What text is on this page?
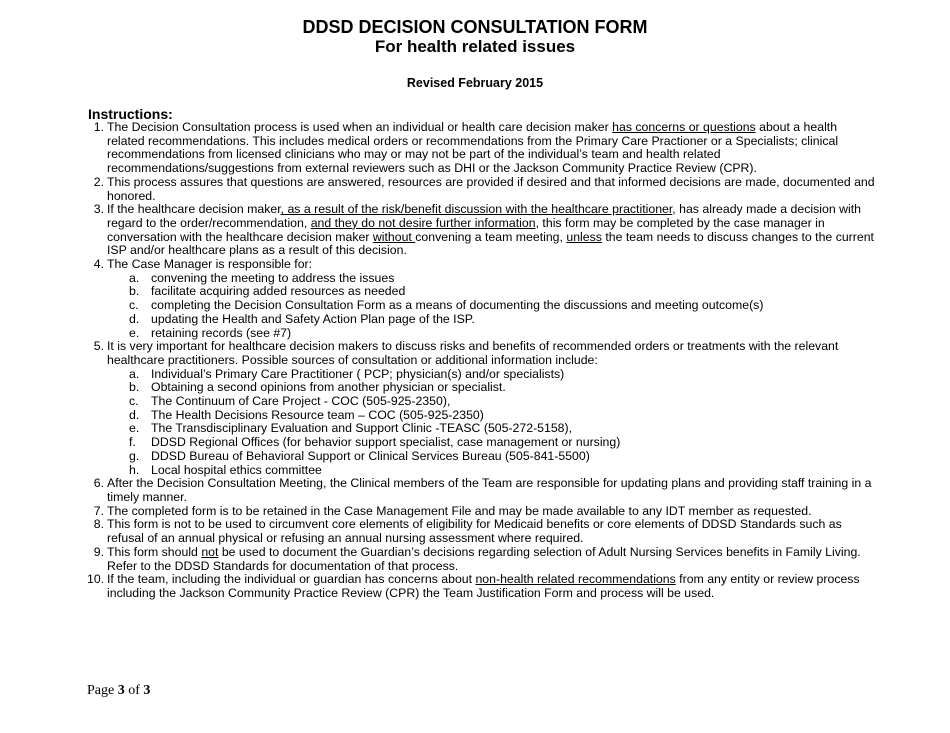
DDSD DECISION CONSULTATION FORM
For health related issues
Revised February 2015
Instructions:
1. The Decision Consultation process is used when an individual or health care decision maker has concerns or questions about a health related recommendations. This includes medical orders or recommendations from the Primary Care Practioner or a Specialists; clinical recommendations from licensed clinicians who may or may not be part of the individual’s team and health related recommendations/suggestions from external reviewers such as DHI or the Jackson Community Practice Review (CPR).
2. This process assures that questions are answered, resources are provided if desired and that informed decisions are made, documented and honored.
3. If the healthcare decision maker, as a result of the risk/benefit discussion with the healthcare practitioner, has already made a decision with regard to the order/recommendation, and they do not desire further information, this form may be completed by the case manager in conversation with the healthcare decision maker without convening a team meeting, unless the team needs to discuss changes to the current ISP and/or healthcare plans as a result of this decision.
4. The Case Manager is responsible for:
a. convening the meeting to address the issues
b. facilitate acquiring added resources as needed
c. completing the Decision Consultation Form as a means of documenting the discussions and meeting outcome(s)
d. updating the Health and Safety Action Plan page of the ISP.
e. retaining records (see #7)
5. It is very important for healthcare decision makers to discuss risks and benefits of recommended orders or treatments with the relevant healthcare practitioners. Possible sources of consultation or additional information include:
a. Individual’s Primary Care Practitioner ( PCP; physician(s) and/or specialists)
b. Obtaining a second opinions from another physician or specialist.
c. The Continuum of Care Project - COC (505-925-2350),
d. The Health Decisions Resource team – COC (505-925-2350)
e. The Transdisciplinary Evaluation and Support Clinic -TEASC (505-272-5158),
f. DDSD Regional Offices (for behavior support specialist, case management or nursing)
g. DDSD Bureau of Behavioral Support or Clinical Services Bureau (505-841-5500)
h. Local hospital ethics committee
6. After the Decision Consultation Meeting, the Clinical members of the Team are responsible for updating plans and providing staff training in a timely manner.
7. The completed form is to be retained in the Case Management File and may be made available to any IDT member as requested.
8. This form is not to be used to circumvent core elements of eligibility for Medicaid benefits or core elements of DDSD Standards such as refusal of an annual physical or refusing an annual nursing assessment where required.
9. This form should not be used to document the Guardian’s decisions regarding selection of Adult Nursing Services benefits in Family Living. Refer to the DDSD Standards for documentation of that process.
10. If the team, including the individual or guardian has concerns about non-health related recommendations from any entity or review process including the Jackson Community Practice Review (CPR) the Team Justification Form and process will be used.
Page 3 of 3
